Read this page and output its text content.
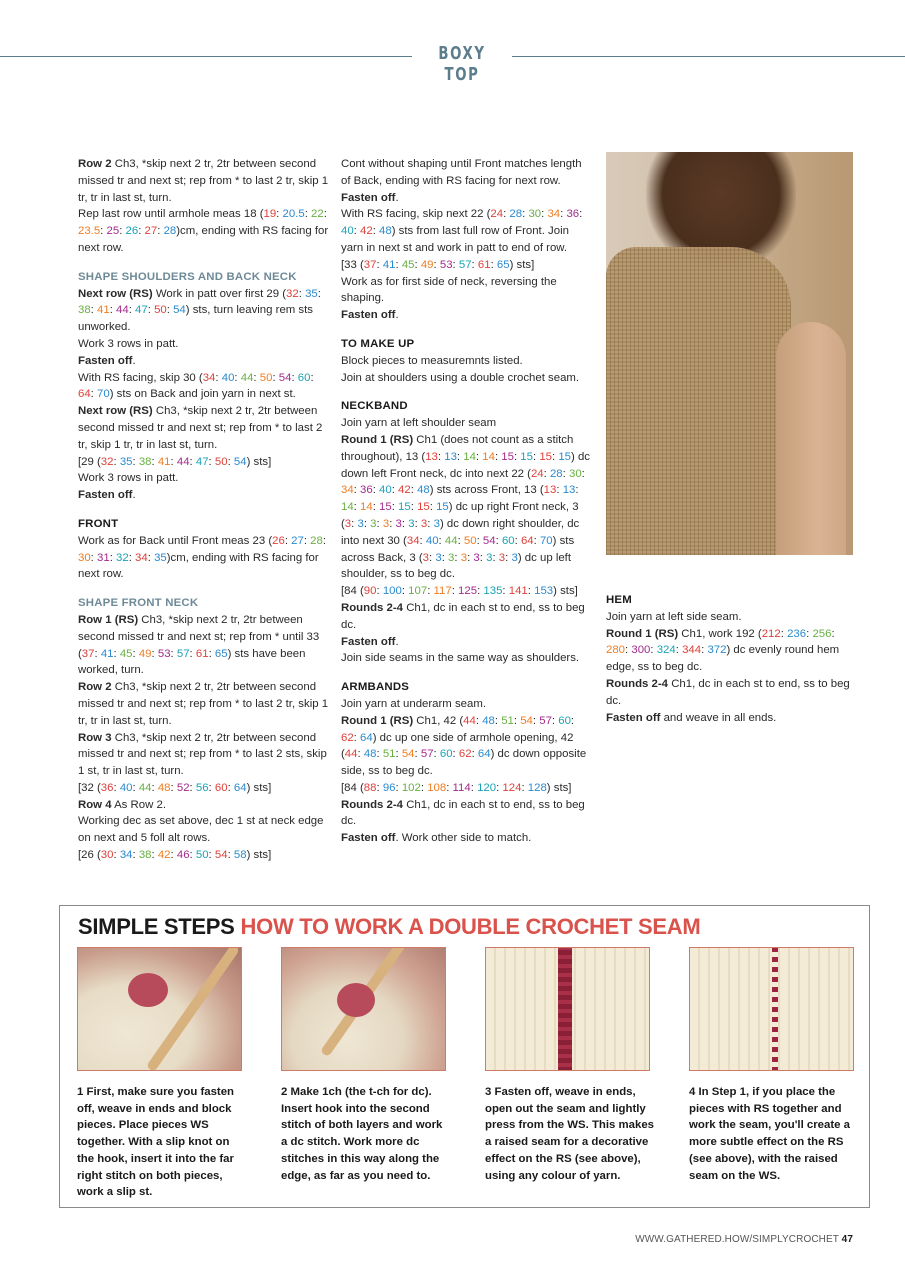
BOXY TOP

Row 2 Ch3, *skip next 2 tr, 2tr between second missed tr and next st; rep from * to last 2 tr, skip 1 tr, tr in last st, turn.

Rep last row until armhole meas 18 (19: 20.5: 22: 23.5: 25: 26: 27: 28)cm, ending with RS facing for next row.

SHAPE SHOULDERS AND BACK NECK

Next row (RS) Work in patt over first 29 (32: 35: 38: 41: 44: 47: 50: 54) sts, turn leaving rem sts unworked.

Work 3 rows in patt.

Fasten off.

With RS facing, skip 30 (34: 40: 44: 50: 54: 60: 64: 70) sts on Back and join yarn in next st.

Next row (RS) Ch3, *skip next 2 tr, 2tr between second missed tr and next st; rep from * to last 2 tr, skip 1 tr, tr in last st, turn.

[29 (32: 35: 38: 41: 44: 47: 50: 54) sts]

Work 3 rows in patt.

Fasten off.

FRONT

Work as for Back until Front meas 23 (26: 27: 28: 30: 31: 32: 34: 35)cm, ending with RS facing for next row.

SHAPE FRONT NECK

Row 1 (RS) Ch3, *skip next 2 tr, 2tr between second missed tr and next st; rep from * until 33 (37: 41: 45: 49: 53: 57: 61: 65) sts have been worked, turn.

Row 2 Ch3, *skip next 2 tr, 2tr between second missed tr and next st; rep from * to last 2 tr, skip 1 tr, tr in last st, turn.

Row 3 Ch3, *skip next 2 tr, 2tr between second missed tr and next st; rep from * to last 2 sts, skip 1 st, tr in last st, turn.

[32 (36: 40: 44: 48: 52: 56: 60: 64) sts]

Row 4 As Row 2.

Working dec as set above, dec 1 st at neck edge on next and 5 foll alt rows.

[26 (30: 34: 38: 42: 46: 50: 54: 58) sts]

Cont without shaping until Front matches length of Back, ending with RS facing for next row.

Fasten off.

With RS facing, skip next 22 (24: 28: 30: 34: 36: 40: 42: 48) sts from last full row of Front. Join yarn in next st and work in patt to end of row.

[33 (37: 41: 45: 49: 53: 57: 61: 65) sts]

Work as for first side of neck, reversing the shaping.

Fasten off.

TO MAKE UP

Block pieces to measuremnts listed.

Join at shoulders using a double crochet seam.

NECKBAND

Join yarn at left shoulder seam

Round 1 (RS) Ch1 (does not count as a stitch throughout), 13 (13: 13: 14: 14: 15: 15: 15: 15) dc down left Front neck, dc into next 22 (24: 28: 30: 34: 36: 40: 42: 48) sts across Front, 13 (13: 13: 14: 14: 15: 15: 15: 15) dc up right Front neck, 3 (3: 3: 3: 3: 3: 3: 3: 3) dc down right shoulder, dc into next 30 (34: 40: 44: 50: 54: 60: 64: 70) sts across Back, 3 (3: 3: 3: 3: 3: 3: 3: 3) dc up left shoulder, ss to beg dc.

[84 (90: 100: 107: 117: 125: 135: 141: 153) sts]

Rounds 2-4 Ch1, dc in each st to end, ss to beg dc.

Fasten off.

Join side seams in the same way as shoulders.

ARMBANDS

Join yarn at underarm seam.

Round 1 (RS) Ch1, 42 (44: 48: 51: 54: 57: 60: 62: 64) dc up one side of armhole opening, 42 (44: 48: 51: 54: 57: 60: 62: 64) dc down opposite side, ss to beg dc.

[84 (88: 96: 102: 108: 114: 120: 124: 128) sts]

Rounds 2-4 Ch1, dc in each st to end, ss to beg dc.

Fasten off. Work other side to match.

HEM

Join yarn at left side seam.

Round 1 (RS) Ch1, work 192 (212: 236: 256: 280: 300: 324: 344: 372) dc evenly round hem edge, ss to beg dc.

Rounds 2-4 Ch1, dc in each st to end, ss to beg dc.

Fasten off and weave in all ends.

SIMPLE STEPS HOW TO WORK A DOUBLE CROCHET SEAM
1 First, make sure you fasten off, weave in ends and block pieces. Place pieces WS together. With a slip knot on the hook, insert it into the far right stitch on both pieces, work a slip st.
2 Make 1ch (the t-ch for dc). Insert hook into the second stitch of both layers and work a dc stitch. Work more dc stitches in this way along the edge, as far as you need to.
3 Fasten off, weave in ends, open out the seam and lightly press from the WS. This makes a raised seam for a decorative effect on the RS (see above), using any colour of yarn.
4 In Step 1, if you place the pieces with RS together and work the seam, you'll create a more subtle effect on the RS (see above), with the raised seam on the WS.
WWW.GATHERED.HOW/SIMPLYCROCHET 47
